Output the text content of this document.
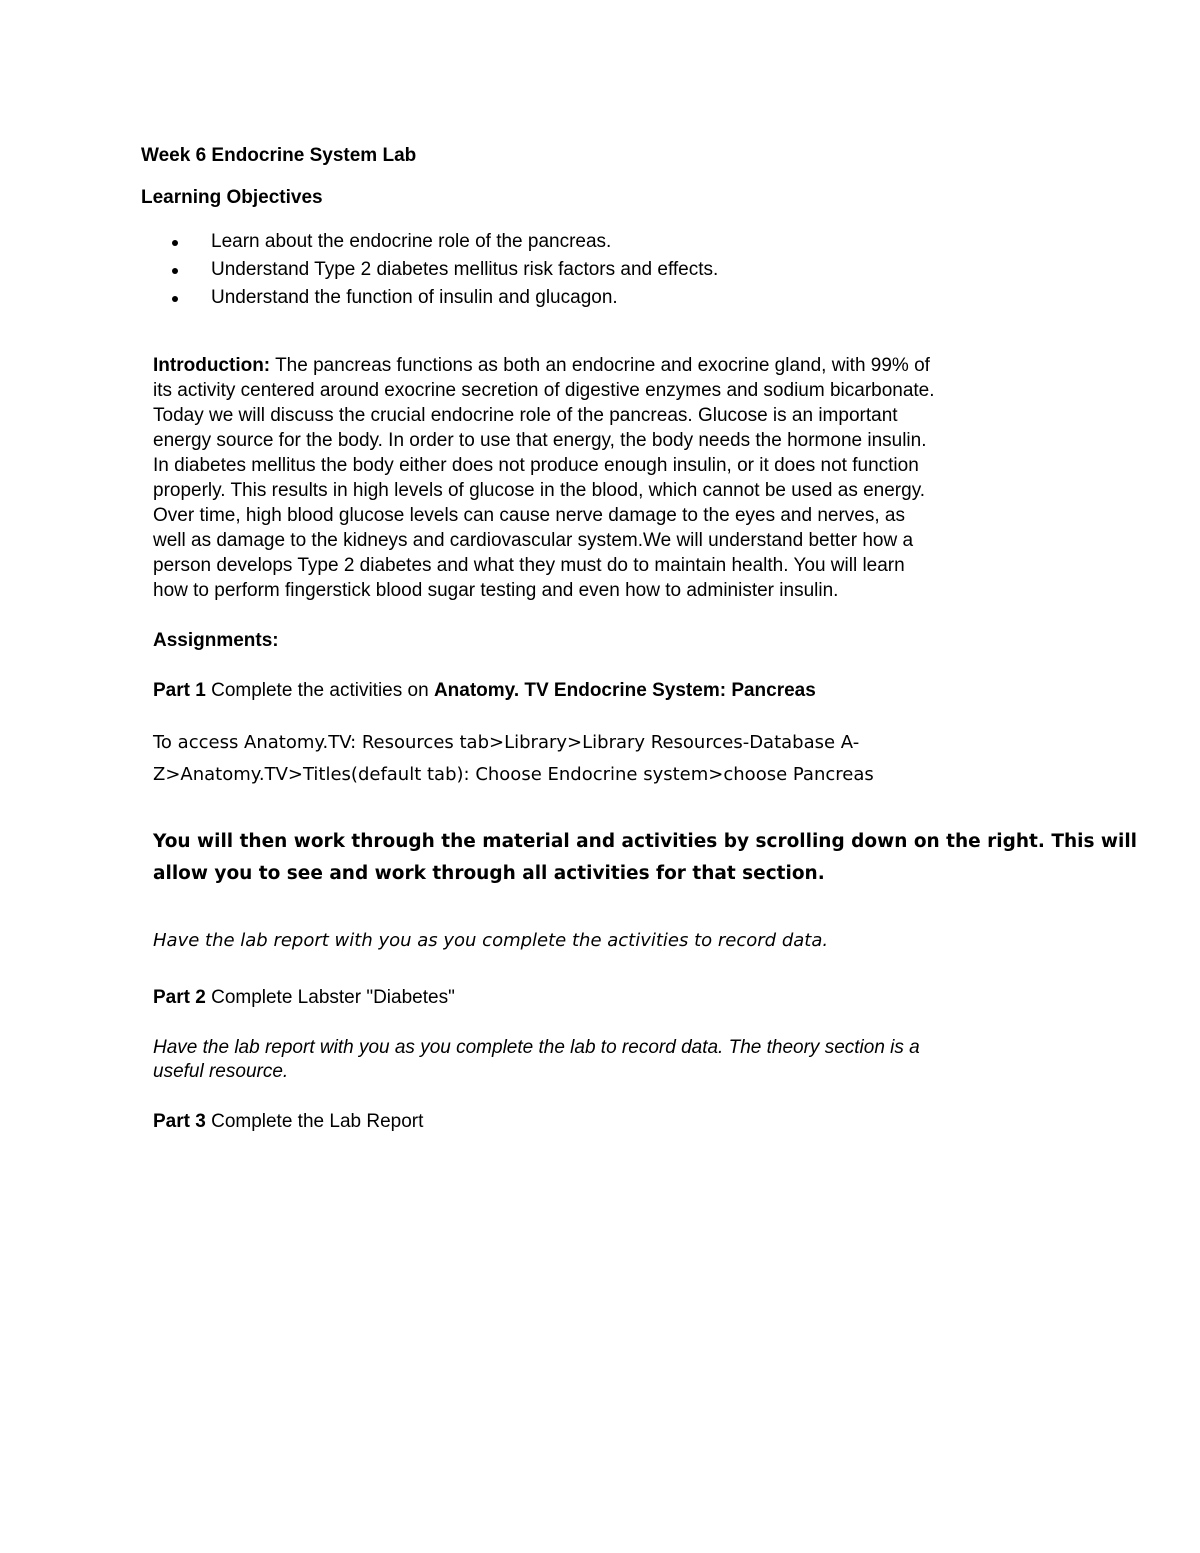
Week 6 Endocrine System Lab
Learning Objectives
Learn about the endocrine role of the pancreas.
Understand Type 2 diabetes mellitus risk factors and effects.
Understand the function of insulin and glucagon.
Introduction: The pancreas functions as both an endocrine and exocrine gland, with 99% of
its activity centered around exocrine secretion of digestive enzymes and sodium bicarbonate.
Today we will discuss the crucial endocrine role of the pancreas. Glucose is an important
energy source for the body. In order to use that energy, the body needs the hormone insulin.
In diabetes mellitus the body either does not produce enough insulin, or it does not function
properly. This results in high levels of glucose in the blood, which cannot be used as energy.
Over time, high blood glucose levels can cause nerve damage to the eyes and nerves, as
well as damage to the kidneys and cardiovascular system.We will understand better how a
person develops Type 2 diabetes and what they must do to maintain health. You will learn
how to perform fingerstick blood sugar testing and even how to administer insulin.
Assignments:
Part 1 Complete the activities on Anatomy. TV Endocrine System: Pancreas
To access Anatomy.TV: Resources tab>Library>Library Resources-Database A-
Z>Anatomy.TV>Titles(default tab): Choose Endocrine system>choose Pancreas
You will then work through the material and activities by scrolling down on the right. This will
allow you to see and work through all activities for that section.
Have the lab report with you as you complete the activities to record data.
Part 2 Complete Labster "Diabetes"
Have the lab report with you as you complete the lab to record data. The theory section is a
useful resource.
Part 3 Complete the Lab Report
